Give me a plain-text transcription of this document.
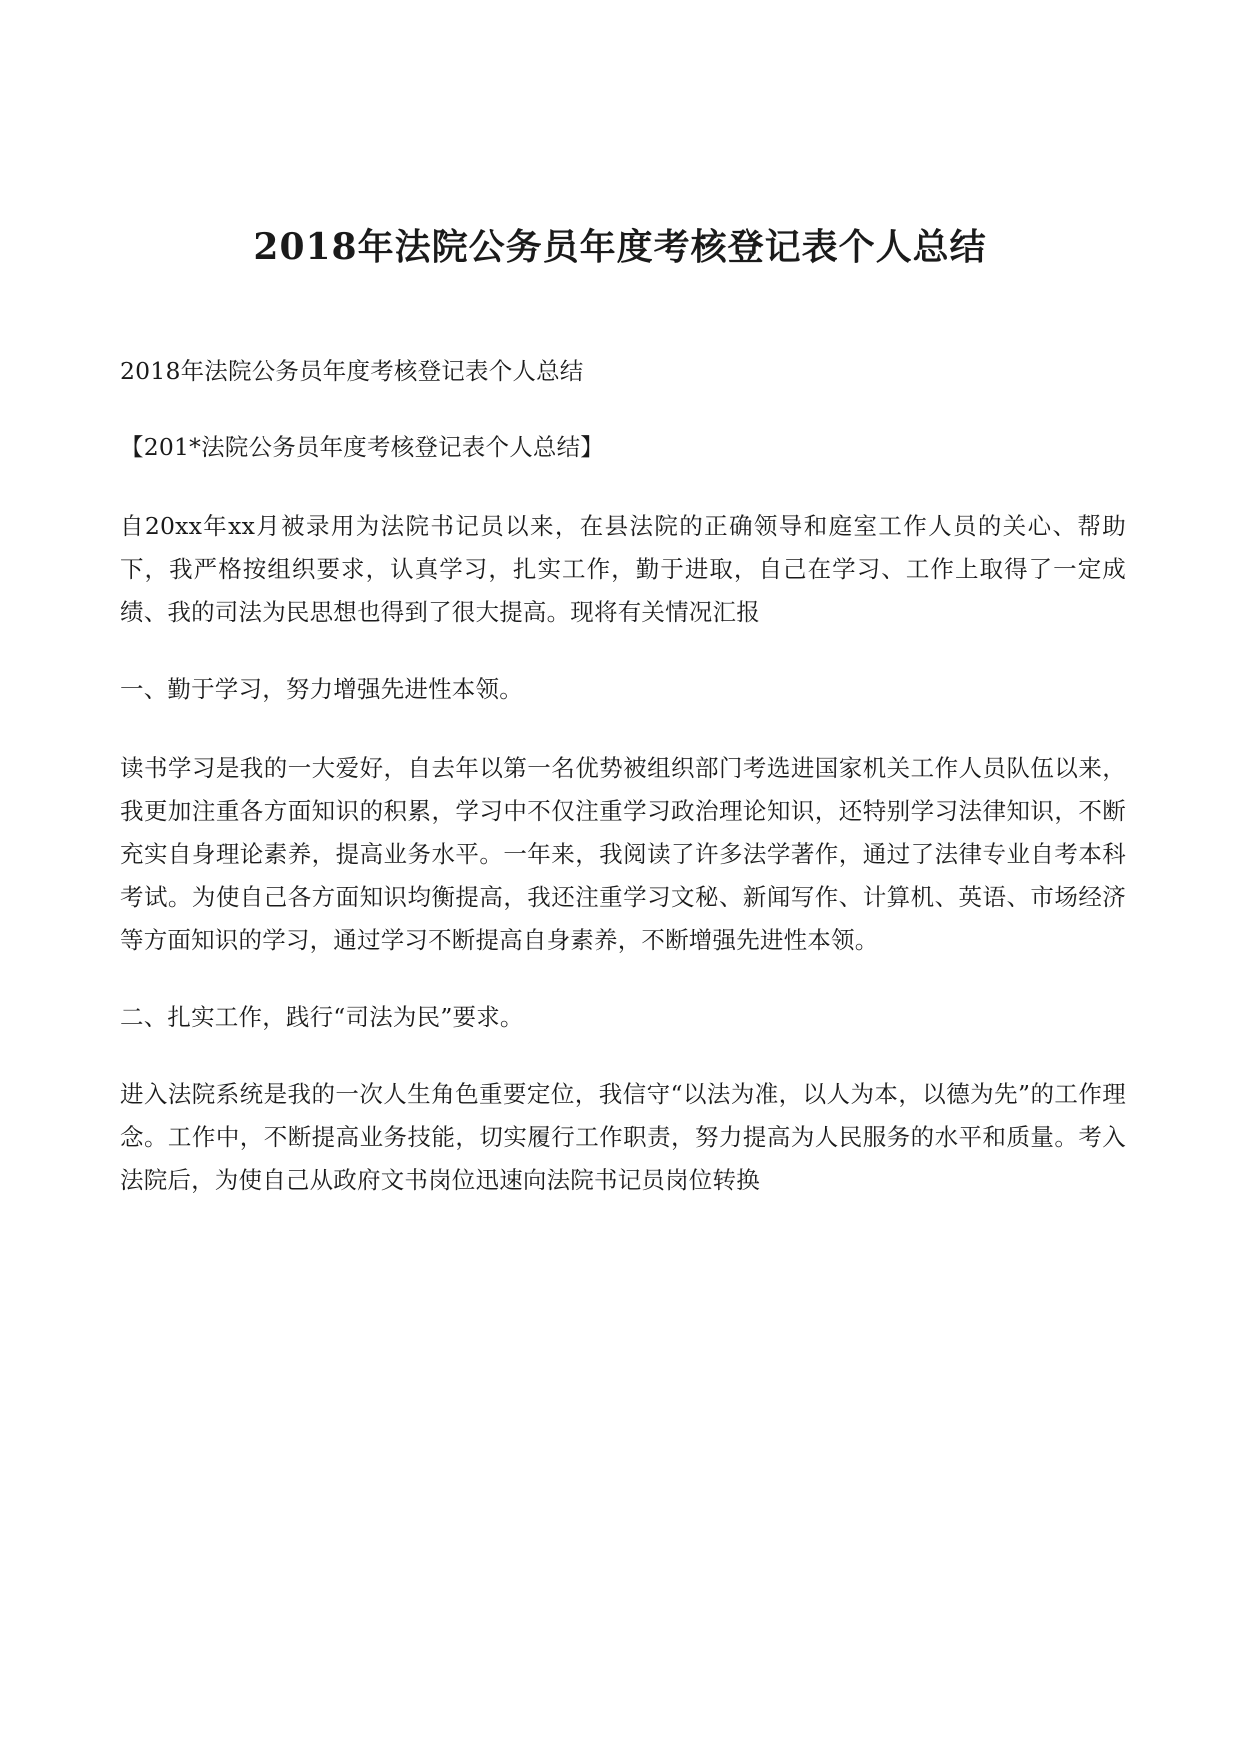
2018年法院公务员年度考核登记表个人总结

2018年法院公务员年度考核登记表个人总结

【201*法院公务员年度考核登记表个人总结】

自20xx年xx月被录用为法院书记员以来，在县法院的正确领导和庭室工作人员的关心、帮助下，我严格按组织要求，认真学习，扎实工作，勤于进取，自己在学习、工作上取得了一定成绩、我的司法为民思想也得到了很大提高。现将有关情况汇报

一、勤于学习，努力增强先进性本领。

读书学习是我的一大爱好，自去年以第一名优势被组织部门考选进国家机关工作人员队伍以来，我更加注重各方面知识的积累，学习中不仅注重学习政治理论知识，还特别学习法律知识，不断充实自身理论素养，提高业务水平。一年来，我阅读了许多法学著作，通过了法律专业自考本科考试。为使自己各方面知识均衡提高，我还注重学习文秘、新闻写作、计算机、英语、市场经济等方面知识的学习，通过学习不断提高自身素养，不断增强先进性本领。

二、扎实工作，践行“司法为民”要求。

进入法院系统是我的一次人生角色重要定位，我信守“以法为准，以人为本，以德为先”的工作理念。工作中，不断提高业务技能，切实履行工作职责，努力提高为人民服务的水平和质量。考入法院后，为使自己从政府文书岗位迅速向法院书记员岗位转换
